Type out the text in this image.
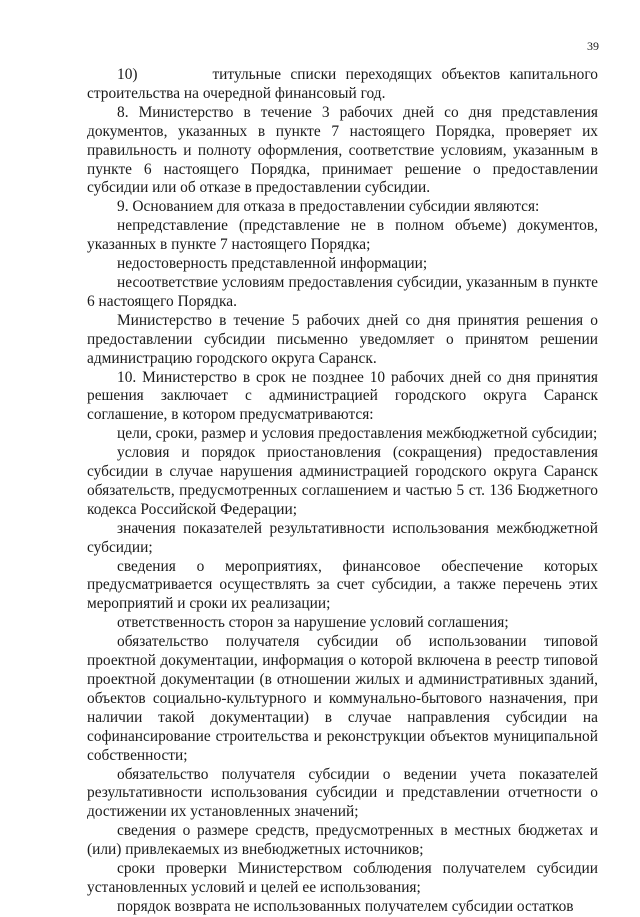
39

10)        титульные списки переходящих объектов капитального строительства на очередной финансовый год.

8. Министерство в течение 3 рабочих дней со дня представления документов, указанных в пункте 7 настоящего Порядка, проверяет их правильность и полноту оформления, соответствие условиям, указанным в пункте 6 настоящего Порядка, принимает решение о предоставлении субсидии или об отказе в предоставлении субсидии.

9. Основанием для отказа в предоставлении субсидии являются:

непредставление (представление не в полном объеме) документов, указанных в пункте 7 настоящего Порядка;

недостоверность представленной информации;

несоответствие условиям предоставления субсидии, указанным в пункте 6 настоящего Порядка.

Министерство в течение 5 рабочих дней со дня принятия решения о предоставлении субсидии письменно уведомляет о принятом решении администрацию городского округа Саранск.

10. Министерство в срок не позднее 10 рабочих дней со дня принятия решения заключает с администрацией городского округа Саранск соглашение, в котором предусматриваются:

цели, сроки, размер и условия предоставления межбюджетной субсидии;

условия и порядок приостановления (сокращения) предоставления субсидии в случае нарушения администрацией городского округа Саранск обязательств, предусмотренных соглашением и частью 5 ст. 136 Бюджетного кодекса Российской Федерации;

значения показателей результативности использования межбюджетной субсидии;

сведения о мероприятиях, финансовое обеспечение которых предусматривается осуществлять за счет субсидии, а также перечень этих мероприятий и сроки их реализации;

ответственность сторон за нарушение условий соглашения;

обязательство получателя субсидии об использовании типовой проектной документации, информация о которой включена в реестр типовой проектной документации (в отношении жилых и административных зданий, объектов социально-культурного и коммунально-бытового назначения, при наличии такой документации) в случае направления субсидии на софинансирование строительства и реконструкции объектов муниципальной собственности;

обязательство получателя субсидии о ведении учета показателей результативности использования субсидии и представлении отчетности о достижении их установленных значений;

сведения о размере средств, предусмотренных в местных бюджетах и (или) привлекаемых из внебюджетных источников;

сроки проверки Министерством соблюдения получателем субсидии установленных условий и целей ее использования;

порядок возврата не использованных получателем субсидии остатков
